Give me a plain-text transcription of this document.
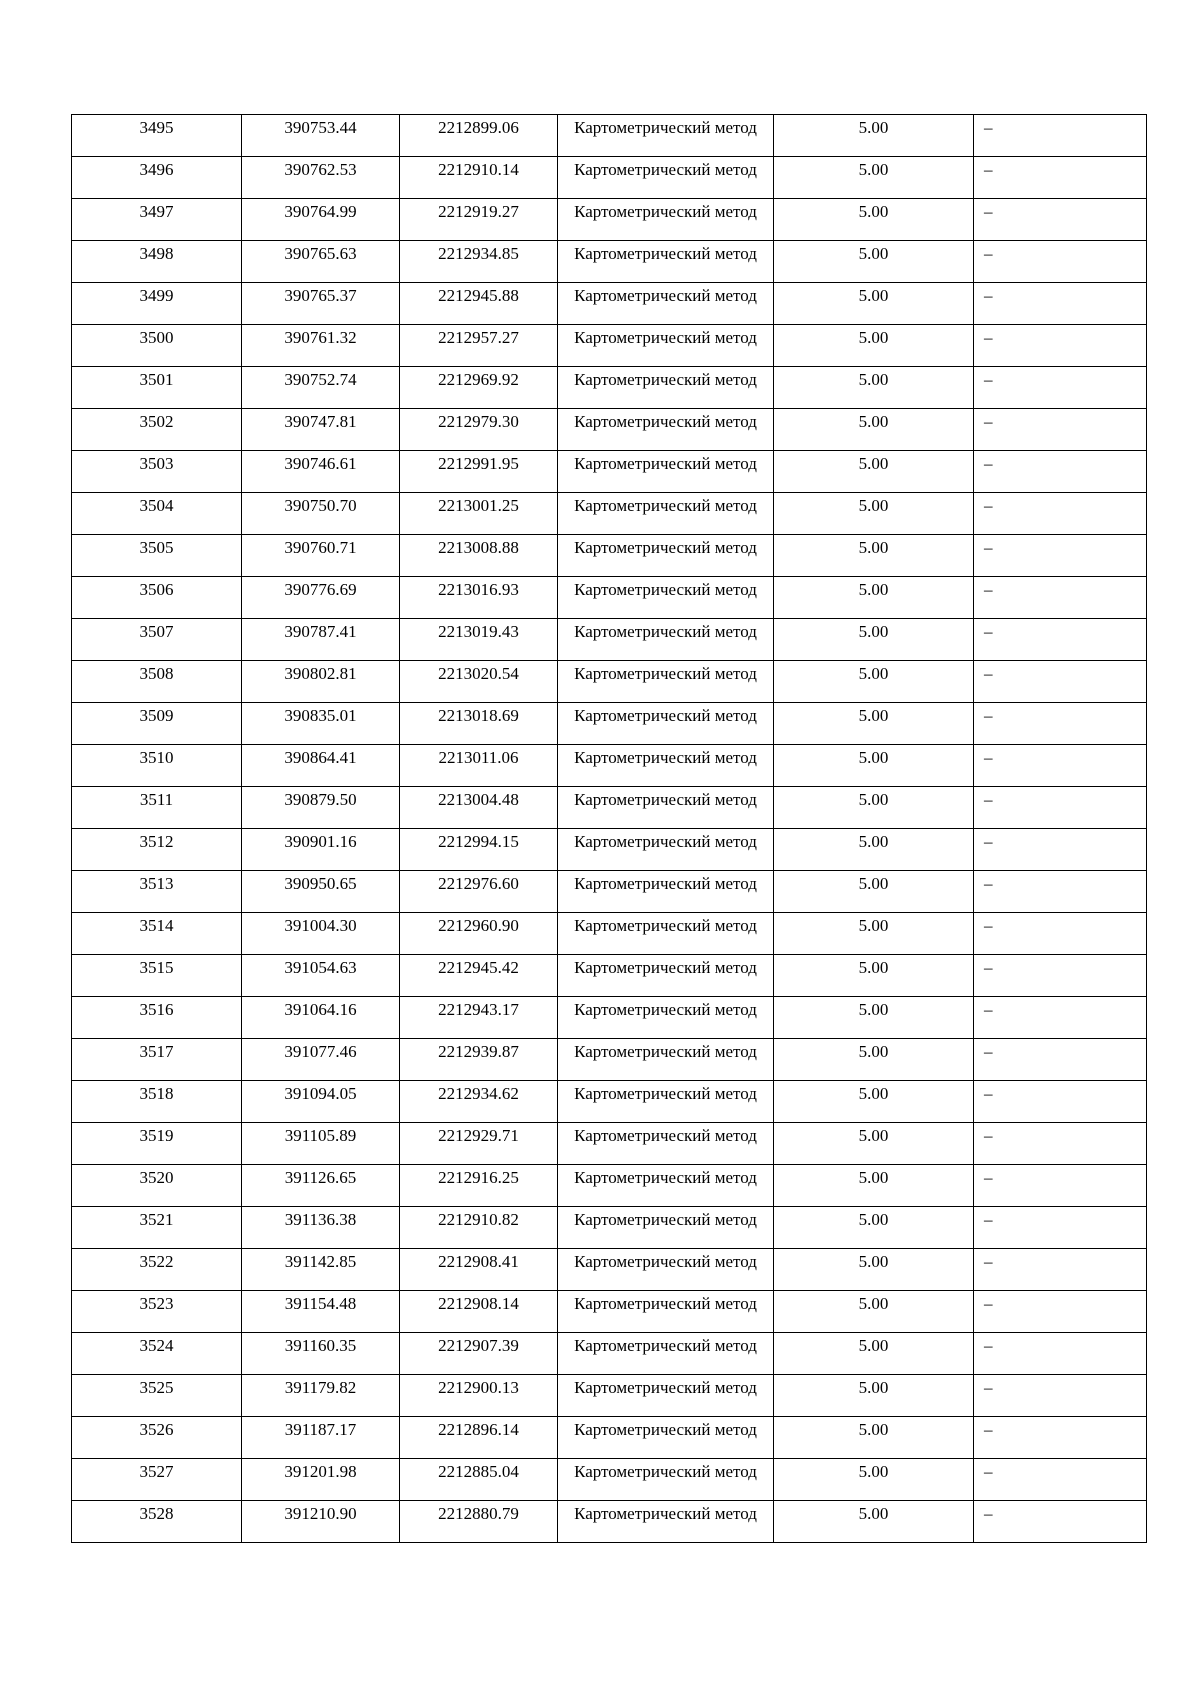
3495	390753.44	2212899.06	Картометрический метод	5.00	–

3496	390762.53	2212910.14	Картометрический метод	5.00	–

3497	390764.99	2212919.27	Картометрический метод	5.00	–

3498	390765.63	2212934.85	Картометрический метод	5.00	–

3499	390765.37	2212945.88	Картометрический метод	5.00	–

3500	390761.32	2212957.27	Картометрический метод	5.00	–

3501	390752.74	2212969.92	Картометрический метод	5.00	–

3502	390747.81	2212979.30	Картометрический метод	5.00	–

3503	390746.61	2212991.95	Картометрический метод	5.00	–

3504	390750.70	2213001.25	Картометрический метод	5.00	–

3505	390760.71	2213008.88	Картометрический метод	5.00	–

3506	390776.69	2213016.93	Картометрический метод	5.00	–

3507	390787.41	2213019.43	Картометрический метод	5.00	–

3508	390802.81	2213020.54	Картометрический метод	5.00	–

3509	390835.01	2213018.69	Картометрический метод	5.00	–

3510	390864.41	2213011.06	Картометрический метод	5.00	–

3511	390879.50	2213004.48	Картометрический метод	5.00	–

3512	390901.16	2212994.15	Картометрический метод	5.00	–

3513	390950.65	2212976.60	Картометрический метод	5.00	–

3514	391004.30	2212960.90	Картометрический метод	5.00	–

3515	391054.63	2212945.42	Картометрический метод	5.00	–

3516	391064.16	2212943.17	Картометрический метод	5.00	–

3517	391077.46	2212939.87	Картометрический метод	5.00	–

3518	391094.05	2212934.62	Картометрический метод	5.00	–

3519	391105.89	2212929.71	Картометрический метод	5.00	–

3520	391126.65	2212916.25	Картометрический метод	5.00	–

3521	391136.38	2212910.82	Картометрический метод	5.00	–

3522	391142.85	2212908.41	Картометрический метод	5.00	–

3523	391154.48	2212908.14	Картометрический метод	5.00	–

3524	391160.35	2212907.39	Картометрический метод	5.00	–

3525	391179.82	2212900.13	Картометрический метод	5.00	–

3526	391187.17	2212896.14	Картометрический метод	5.00	–

3527	391201.98	2212885.04	Картометрический метод	5.00	–

3528	391210.90	2212880.79	Картометрический метод	5.00	–
